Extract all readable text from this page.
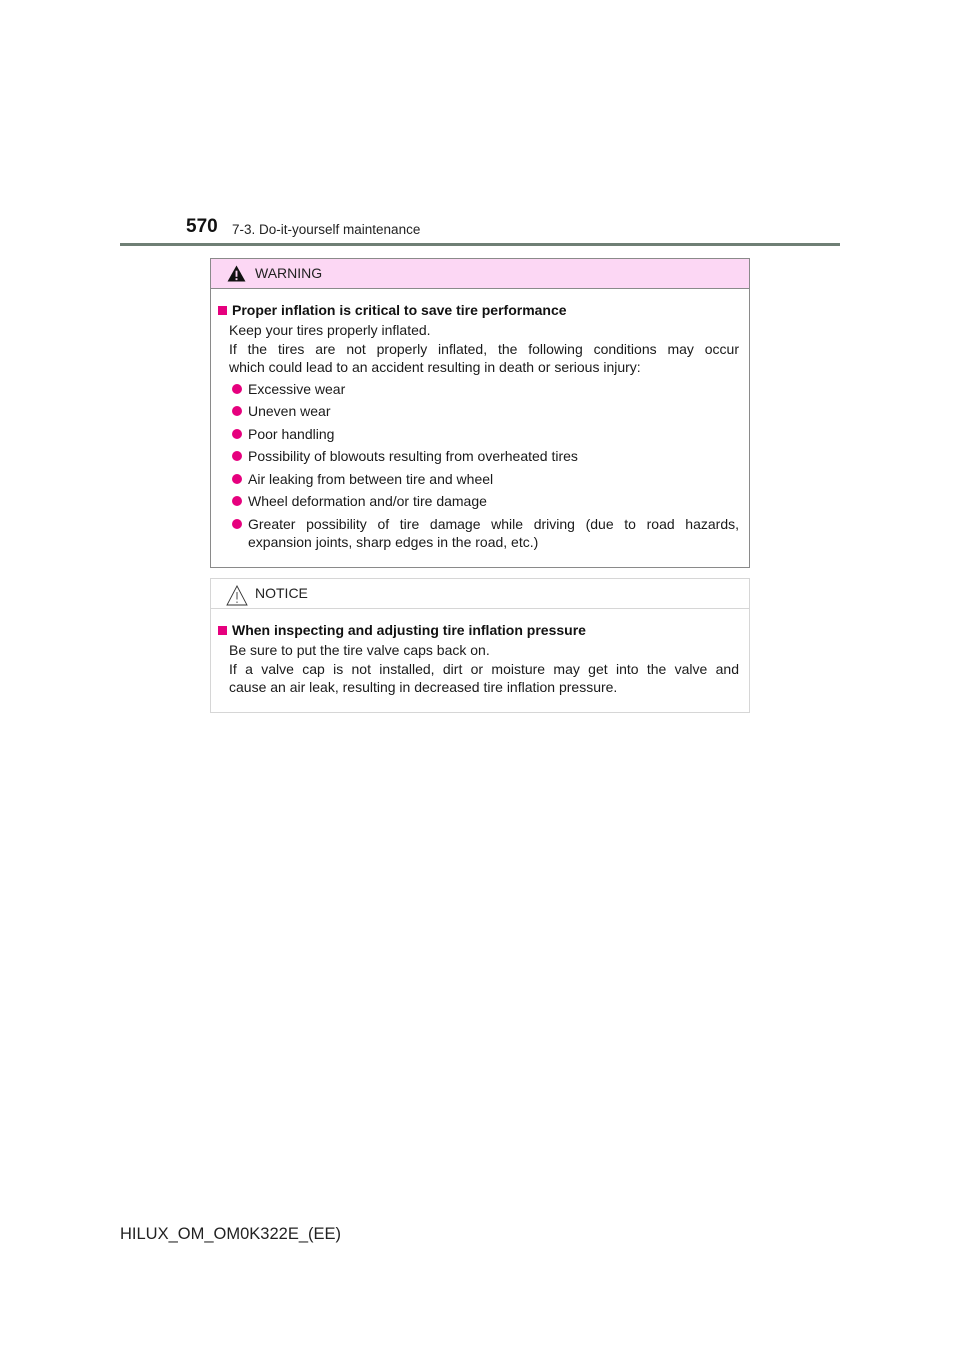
570 7-3. Do-it-yourself maintenance
WARNING
Proper inflation is critical to save tire performance
Keep your tires properly inflated.
If the tires are not properly inflated, the following conditions may occur
which could lead to an accident resulting in death or serious injury:
Excessive wear
Uneven wear
Poor handling
Possibility of blowouts resulting from overheated tires
Air leaking from between tire and wheel
Wheel deformation and/or tire damage
Greater possibility of tire damage while driving (due to road hazards, expansion joints, sharp edges in the road, etc.)
NOTICE
When inspecting and adjusting tire inflation pressure
Be sure to put the tire valve caps back on.
If a valve cap is not installed, dirt or moisture may get into the valve and
cause an air leak, resulting in decreased tire inflation pressure.
HILUX_OM_OM0K322E_(EE)
